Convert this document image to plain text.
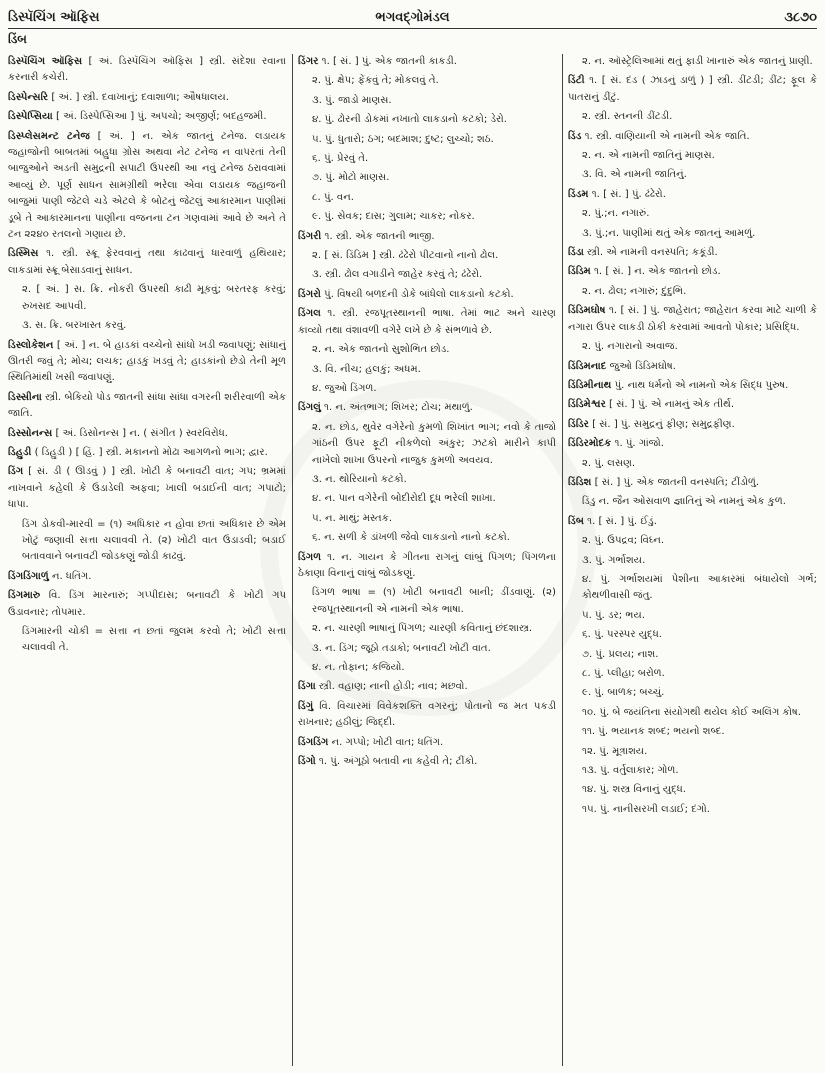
ડિસ્પૅચિંગ ઑફિસ	ભગવદ્ગોમંડલ	૩૮૭૦
ડિંબ
ડિસ્પૅચિંગ ઑફિસ [ અં. ડિસ્પૅચિંગ ઑફિસ ] સ્ત્રી. સંદેશા રવાના કરનારી કચેરી.
ડિસ્પેન્સરિ [ અં. ] સ્ત્રી. દવાખાનું; દવાશાળા; ઔષધાલય.
ડિસ્પેપ્સિયા [ અં. ડિસ્પેપ્સિઆ ] પું. અપચો; અજીર્ણ; બદહજમી.
ડિસ્પ્લેસમન્ટ ટનેજ [ અં. ] ન. એક જાતનું ટનેજ. લડાયક જહાજોની બાબતમાં બહુધા ગ્રોસ અથવા નેટ ટનેજ ન વાપરતાં તેની બાજુઓને અડતી સમુદ્રની સપાટી ઉપરથી આ નવું ટનેજ ઠરાવવામાં આવ્યું છે. પૂર્ણ સાધન સામગ્રીથી ભરેલા એવા લડાયક જહાજની બાજુમાં પાણી જેટલે ચડે એટલે કે બોટનું જેટલું આકારમાન પાણીમાં ડૂબે તે આકારમાનના પાણીના વજનના ટન ગણવામાં આવે છે અને તે ટન ૨૨૪૦ રતલનો ગણાય છે.
ડિસ્મિસ ૧. સ્ત્રી. સ્ક્રૂ ફેરવવાનું તથા કાઢવાનું ધારવાળું હથિયાર; લાકડામાં સ્ક્રૂ બેસાડવાનું સાધન.
૨. [ અં. ] સ. ક્રિ. નોકરી ઉપરથી કાઢી મૂકવું; બરતરફ કરવું; રુખસદ આપવી.
૩. સ. ક્રિ. બરખાસ્ત કરવું.
ડિસ્લોકેશન [ અં. ] ન. બે હાડકાં વચ્ચેનો સાંધો ખડી જવાપણું; સાંધાનું ઊતરી જવું તે; મોચ; લચક; હાડકું ખડવું તે; હાડકાંનો છેડો તેની મૂળ સ્થિતિમાંથી ખસી જવાપણું.
ડિસ્સીના સ્ત્રી. બેકિયો પોડ જાતની સાંધા સાંધા વગરની શરીરવાળી એક જાતિ.
ડિસ્સોનન્સ [ અં. ડિસોનન્સ ] ન. ( સંગીત ) સ્વરવિરોધ.
ડિહુડી ( ડિહુડી ) [ હિં. ] સ્ત્રી. મકાનનો મોઢા આગળનો ભાગ; દ્વાર.
ડિંગ [ સં. ડી ( ઊડવું ) ] સ્ત્રી. ખોટી કે બનાવટી વાત; ગપ; ભ્રમમાં નાખવાને કહેલી કે ઉડાડેલી અફવા; ખાલી બડાઈની વાત; ગપાટો; ધાપા.
ડિંગ ડોકવી-મારવી = (૧) અધિકાર ન હોવા છતાં અધિકાર છે એમ ખોટું જણાવી સત્તા ચલાવવી તે. (૨) ખોટી વાત ઉડાડવી; બડાઈ બતાવવાને બનાવટી જોડકણું જોડી કાઢવું.
ડિંગડિંગાળું ન. ધતિંગ.
ડિંગમારુ વિ. ડિંગ મારનારું; ગપ્પીદાસ; બનાવટી કે ખોટી ગપ ઉડાવનાર; તોપમાર.
ડિંગમારની ચોકી = સત્તા ન છતાં જુલમ કરવો તે; ખોટી સત્તા ચલાવવી તે.
ડિંગર ૧. [ સં. ] પું. એક જાતની કાકડી.
૨. પું. ક્ષેપ; ફેંકવું તે; મોકલવું તે.
૩. પું. જાડો માણસ.
૪. પું. ઢોરની ડોકમાં નખાતો લાકડાનો કટકો; ડેરો.
૫. પું. ધુતારો; ઠગ; બદમાશ; દુષ્ટ; લુચ્ચો; શઠ.
૬. પું. પ્રેરવું તે.
૭. પું. મોટો માણસ.
૮. પું. વન.
૯. પું. સેવક; દાસ; ગુલામ; ચાકર; નોકર.
ડિંગરી ૧. સ્ત્રી. એક જાતની ભાજી.
૨. [ સં. ડિંડિમ ] સ્ત્રી. ઢંઢેરો પીટવાનો નાનો ઢોલ.
૩. સ્ત્રી. ઢોલ વગાડીને જાહેર કરવું તે; ઢંઢેરો.
ડિંગરો પું. વિષયી બળદની ડોકે બાંધેલો લાકડાનો કટકો.
ડિંગલ ૧. સ્ત્રી. રજપૂતસ્થાનની ભાષા. તેમાં ભાટ અને ચારણ કાવ્યો તથા વંશાવળી વગેરે લખે છે કે સંભળાવે છે.
૨. ન. એક જાતનો સુશોભિત છોડ.
૩. વિ. નીચ; હલકું; અધમ.
૪. જુઓ ડિંગળ.
ડિંગલું ૧. ન. અંતભાગ; શિખર; ટોચ; મથાળું.
૨. ન. છોડ, થુવેર વગેરેનો કુમળો શિખાંત ભાગ; નવો કે તાજો ગાંઠની ઉપર ફૂટી નીકળેલો અંકુર; ઝટકો મારીને કાપી નાખેલો શાખા ઉપરનો નાજુક કુમળો અવયવ.
૩. ન. થોરિયાનો કટકો.
૪. ન. પાન વગેરેની બોદીરોદી દૂધ ભરેલી શાખા.
૫. ન. માથું; મસ્તક.
૬. ન. સળી કે ડાંખળી જેવો લાકડાનો નાનો કટકો.
ડિંગળ ૧. ન. ગાયન કે ગીતના રાગનું લાંબું પિંગળ; પિંગળના ઠેકાણા વિનાનું લાંબું જોડકણું.
ડિંગળ ભાષા = (૧) ખોટી બનાવટી બાની; ડીંડવાણું. (૨) રજપૂતસ્થાનની એ નામની એક ભાષા.
૨. ન. ચારણી ભાષાનું પિંગળ; ચારણી કવિતાનું છંદશાસ્ત્ર.
૩. ન. ડિંગ; જૂઠો તડાકો; બનાવટી ખોટી વાત.
૪. ન. તોફાન; કજિયો.
ડિંગા સ્ત્રી. વહાણ; નાની હોડી; નાવ; મછવો.
ડિંગું વિ. વિચારમાં વિવેકશક્તિ વગરનું; પોતાનો જ મત પકડી રાખનાર; હઠીલું; જિદ્દી.
ડિંગડિંગ ન. ગપ્પો; ખોટી વાત; ધતિંગ.
ડિંગો ૧. પું. અંગૂઠો બતાવી ના કહેવી તે; ટીંકો.
૨. ન. ઑસ્ટ્રેલિઆમાં થતું ફાડી ખાનારું એક જાતનું પ્રાણી.
ડિંટી ૧. [ સં. દંડ ( ઝાડનું ડાળું ) ] સ્ત્રી. ડીંટડી; ડીંટ; ફૂલ કે પાતરાનું ડીંટું.
૨. સ્ત્રી. સ્તનની ડીંટડી.
ડિંડ ૧. સ્ત્રી. વાણિયાની એ નામની એક જાતિ.
૨. ન. એ નામની જાતિનું માણસ.
૩. વિ. એ નામની જાતિનું.
ડિંડમ ૧. [ સં. ] પું. ઢંઢેરો.
૨. પું.;ન. નગારું.
૩. પું.;ન. પાણીમાં થતું એક જાતનું આમળું.
ડિંડા સ્ત્રી. એ નામની વનસ્પતિ; કકૂંડી.
ડિંડિમ ૧. [ સં. ] ન. એક જાતનો છોડ.
૨. ન. ઢોલ; નગારું; દુંદુભિ.
ડિંડિમઘોષ ૧. [ સં. ] પું. જાહેરાત; જાહેરાત કરવા માટે ચાળી કે નગારા ઉપર લાકડી ઠોકી કરવામાં આવતો પોકાર; પ્રસિદ્ધિ.
૨. પું. નગારાનો અવાજ.
ડિંડિમનાદ જુઓ ડિંડિમઘોષ.
ડિંડિમીનાથ પું. નાથ ધર્મનો એ નામનો એક સિદ્ધ પુરુષ.
ડિંડિમેશ્વર [ સં. ] પું. એ નામનું એક તીર્થ.
ડિંડિર [ સં. ] પું. સમુદ્રનું ફીણ; સમુદ્રફીણ.
ડિંડિરમોદક ૧. પું. ગાંજો.
૨. પું. લસણ.
ડિંડિશ [ સં. ] પું. એક જાતની વનસ્પતિ; ટીંડોળું.
ડિંડુ ન. જૈન ઓસવાળ જ્ઞાતિનું એ નામનું એક કુળ.
ડિંબ ૧. [ સં. ] પું. ઈંડું.
૨. પું. ઉપદ્રવ; વિઘ્ન.
૩. પું. ગર્ભાશય.
૪. પું. ગર્ભાશયમાં પેશીના આકારમાં બંધાયેલો ગર્ભ; કોથળીવાસી જંતુ.
૫. પું. ડર; ભય.
૬. પું. પરસ્પર યુદ્ધ.
૭. પું. પ્રલય; નાશ.
૮. પું. પ્લીહા; બરોળ.
૯. પું. બાળક; બચ્ચું.
૧૦. પું. બે જયંતિના સંયોગથી થયેલ કોઈ અલિંગ કોષ.
૧૧. પું. ભયાનક શબ્દ; ભયનો શબ્દ.
૧૨. પું. મૂત્રાશય.
૧૩. પું. વર્તુલાકાર; ગોળ.
૧૪. પું. શસ્ત્ર વિનાનું યુદ્ધ.
૧૫. પું. નાનીસરખી લડાઈ; દંગો.
